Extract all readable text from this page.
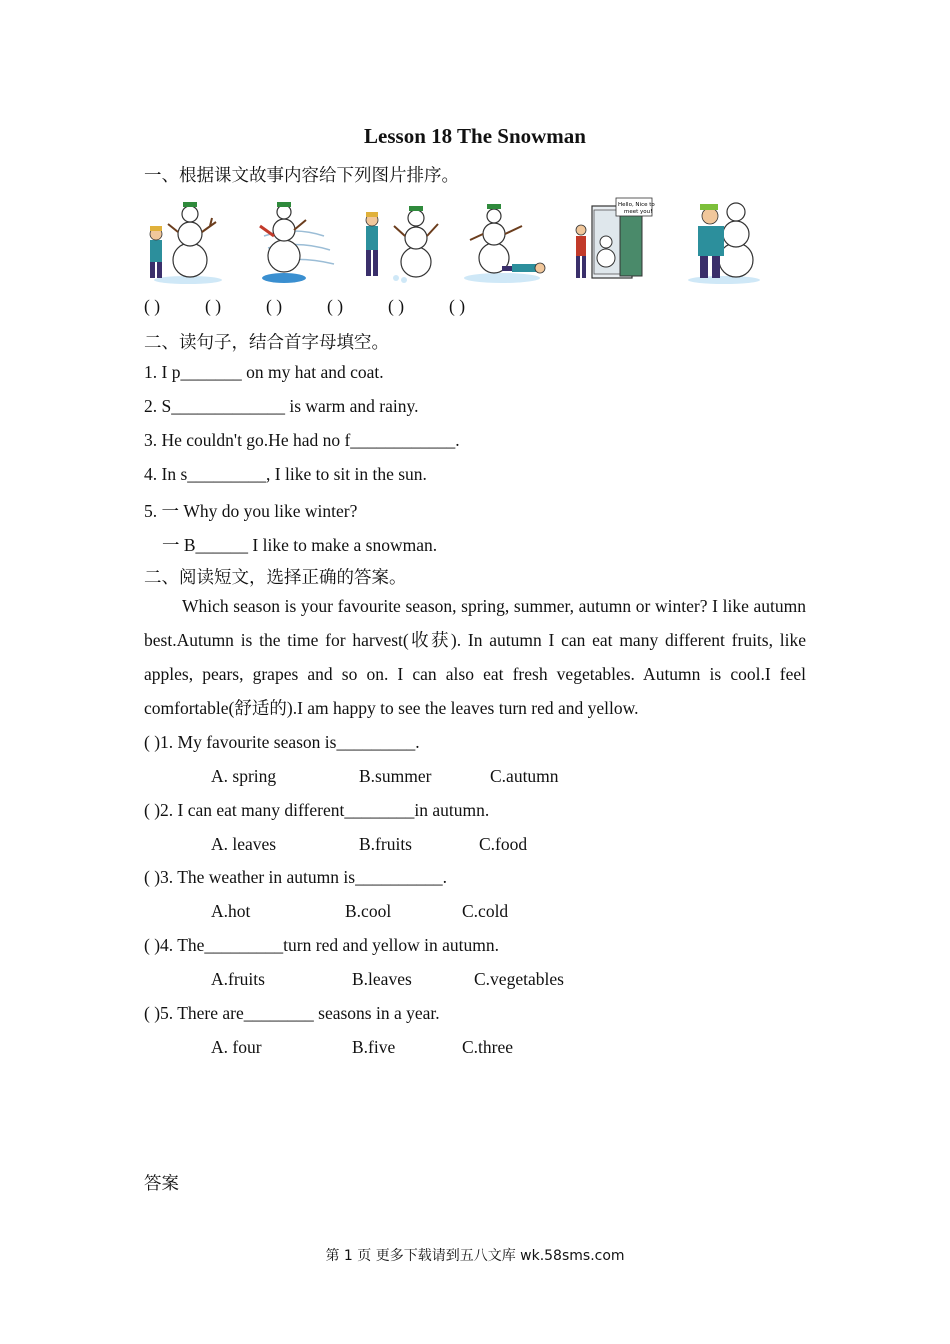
Lesson 18 The Snowman
一、根据课文故事内容给下列图片排序。
Hello, Nice to
meet you!
( )	( )	( )	( )	( )	( )
二、读句子，结合首字母填空。
1. I p_______ on my hat and coat.
2. S_____________ is warm and rainy.
3. He couldn't go.He had no f____________.
4. In s_________, I like to sit in the sun.
5. 一 Why do you like winter?
一 B______ I like to make a snowman.
二、阅读短文，选择正确的答案。
Which season is your favourite season, spring, summer, autumn or winter? I like autumn best.Autumn is the time for harvest(收获). In autumn I can eat many different fruits, like apples, pears, grapes and so on. I can also eat fresh vegetables. Autumn is cool.I feel comfortable(舒适的).I am happy to see the leaves turn red and yellow.
( )1. My favourite season is_________.
A. spring	B.summer	C.autumn
( )2. I can eat many different________in autumn.
A. leaves	B.fruits	C.food
( )3. The weather in autumn is__________.
A.hot	B.cool	C.cold
( )4. The_________turn red and yellow in autumn.
A.fruits	B.leaves	C.vegetables
( )5. There are________ seasons in a year.
A. four	B.five	C.three
答案
第 1 页 更多下载请到五八文库 wk.58sms.com
